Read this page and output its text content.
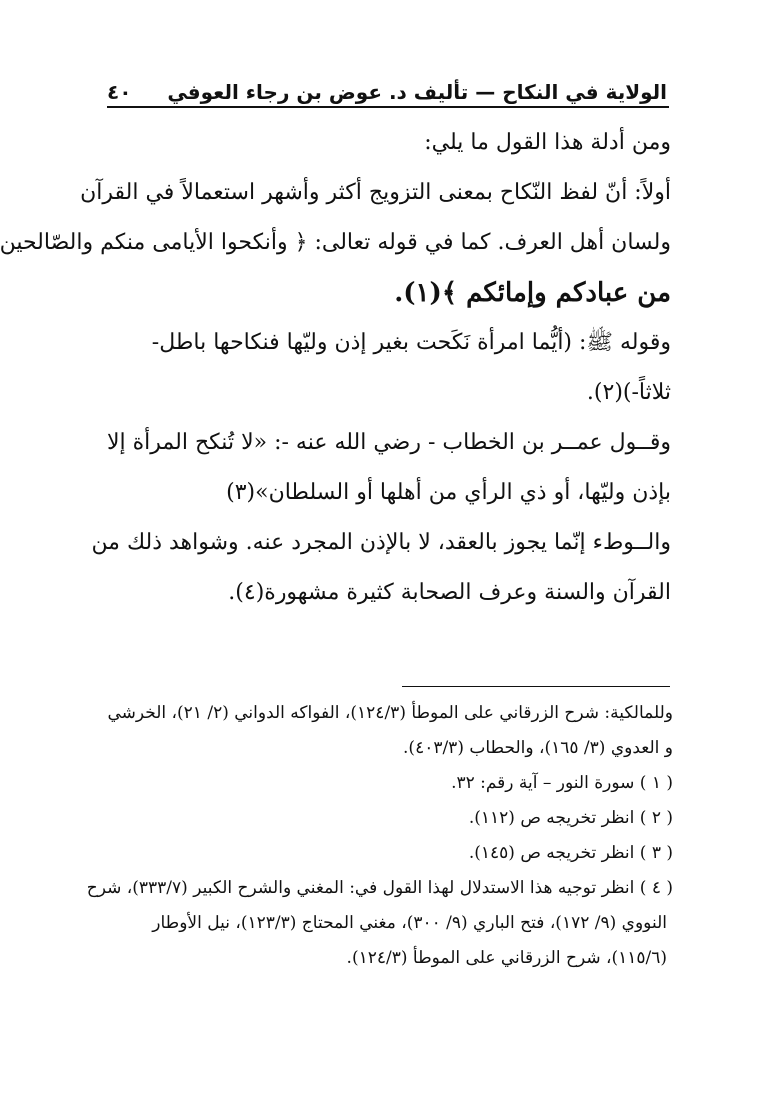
الولاية في النكاح — تأليف د. عوض بن رجاء العوفي
٤٠
ومن أدلة هذا القول ما يلي:
أولاً: أنّ لفظ النّكاح بمعنى التزويج أكثر وأشهر استعمالاً في القرآن
ولسان أهل العرف. كما في قوله تعالى: ﴿ وأنكحوا الأيامى منكم والصّالحين
من عبادكم وإمائكم ﴾(١).
وقوله ﷺ: (أيُّما امرأة نَكَحت بغير إذن وليّها فنكاحها باطل-
ثلاثاً-)(٢).
وقــول عمــر بن الخطاب - رضي الله عنه -: «لا تُنكح المرأة إلا
بإذن وليّها، أو ذي الرأي من أهلها أو السلطان»(٣)
والــوطء إنّما يجوز بالعقد، لا بالإذن المجرد عنه. وشواهد ذلك من
القرآن والسنة وعرف الصحابة كثيرة مشهورة(٤).
وللمالكية: شرح الزرقاني على الموطأ (١٢٤/٣)، الفواكه الدواني (٢/ ٢١)، الخرشي
و العدوي (٣/ ١٦٥)، والحطاب (٤٠٣/٣).
( ١ ) سورة النور – آية رقم: ٣٢.
( ٢ ) انظر تخريجه ص (١١٢).
( ٣ ) انظر تخريجه ص (١٤٥).
( ٤ ) انظر توجيه هذا الاستدلال لهذا القول في: المغني والشرح الكبير (٣٣٣/٧)، شرح
النووي (٩/ ١٧٢)، فتح الباري (٩/ ٣٠٠)، مغني المحتاج (١٢٣/٣)، نيل الأوطار
(١١٥/٦)، شرح الزرقاني على الموطأ (١٢٤/٣).
